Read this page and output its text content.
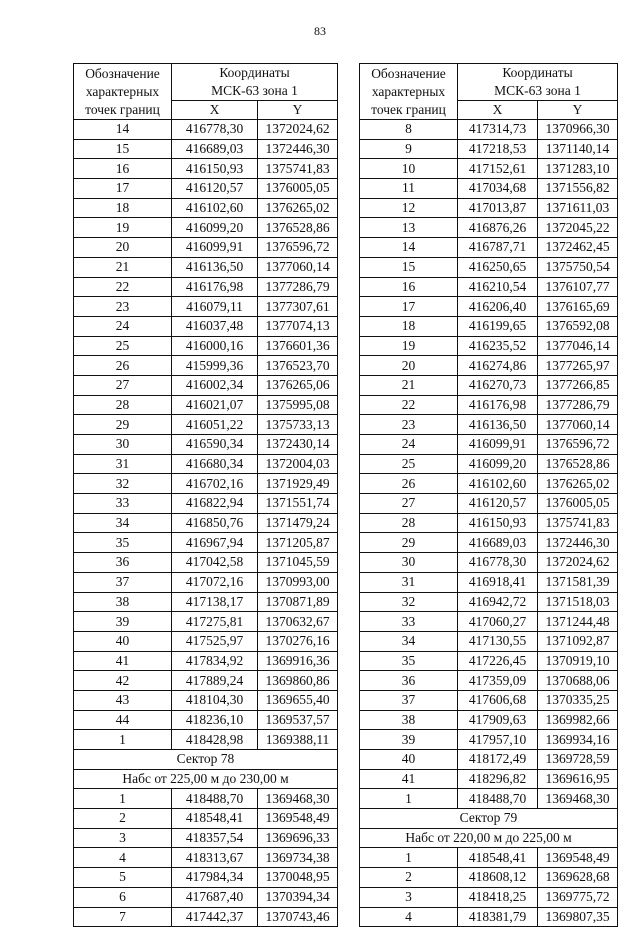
83
Обозначение
характерных
точек границ	Координаты
МСК-63 зона 1	
	X	Y
14	416778,30	1372024,62
15	416689,03	1372446,30
16	416150,93	1375741,83
17	416120,57	1376005,05
18	416102,60	1376265,02
19	416099,20	1376528,86
20	416099,91	1376596,72
21	416136,50	1377060,14
22	416176,98	1377286,79
23	416079,11	1377307,61
24	416037,48	1377074,13
25	416000,16	1376601,36
26	415999,36	1376523,70
27	416002,34	1376265,06
28	416021,07	1375995,08
29	416051,22	1375733,13
30	416590,34	1372430,14
31	416680,34	1372004,03
32	416702,16	1371929,49
33	416822,94	1371551,74
34	416850,76	1371479,24
35	416967,94	1371205,87
36	417042,58	1371045,59
37	417072,16	1370993,00
38	417138,17	1370871,89
39	417275,81	1370632,67
40	417525,97	1370276,16
41	417834,92	1369916,36
42	417889,24	1369860,86
43	418104,30	1369655,40
44	418236,10	1369537,57
1	418428,98	1369388,11
Сектор 78		
Набс от 225,00 м до 230,00 м		
1	418488,70	1369468,30
2	418548,41	1369548,49
3	418357,54	1369696,33
4	418313,67	1369734,38
5	417984,34	1370048,95
6	417687,40	1370394,34
7	417442,37	1370743,46
Обозначение
характерных
точек границ	Координаты
МСК-63 зона 1	
	X	Y
8	417314,73	1370966,30
9	417218,53	1371140,14
10	417152,61	1371283,10
11	417034,68	1371556,82
12	417013,87	1371611,03
13	416876,26	1372045,22
14	416787,71	1372462,45
15	416250,65	1375750,54
16	416210,54	1376107,77
17	416206,40	1376165,69
18	416199,65	1376592,08
19	416235,52	1377046,14
20	416274,86	1377265,97
21	416270,73	1377266,85
22	416176,98	1377286,79
23	416136,50	1377060,14
24	416099,91	1376596,72
25	416099,20	1376528,86
26	416102,60	1376265,02
27	416120,57	1376005,05
28	416150,93	1375741,83
29	416689,03	1372446,30
30	416778,30	1372024,62
31	416918,41	1371581,39
32	416942,72	1371518,03
33	417060,27	1371244,48
34	417130,55	1371092,87
35	417226,45	1370919,10
36	417359,09	1370688,06
37	417606,68	1370335,25
38	417909,63	1369982,66
39	417957,10	1369934,16
40	418172,49	1369728,59
41	418296,82	1369616,95
1	418488,70	1369468,30
Сектор 79		
Набс от 220,00 м до 225,00 м		
1	418548,41	1369548,49
2	418608,12	1369628,68
3	418418,25	1369775,72
4	418381,79	1369807,35
